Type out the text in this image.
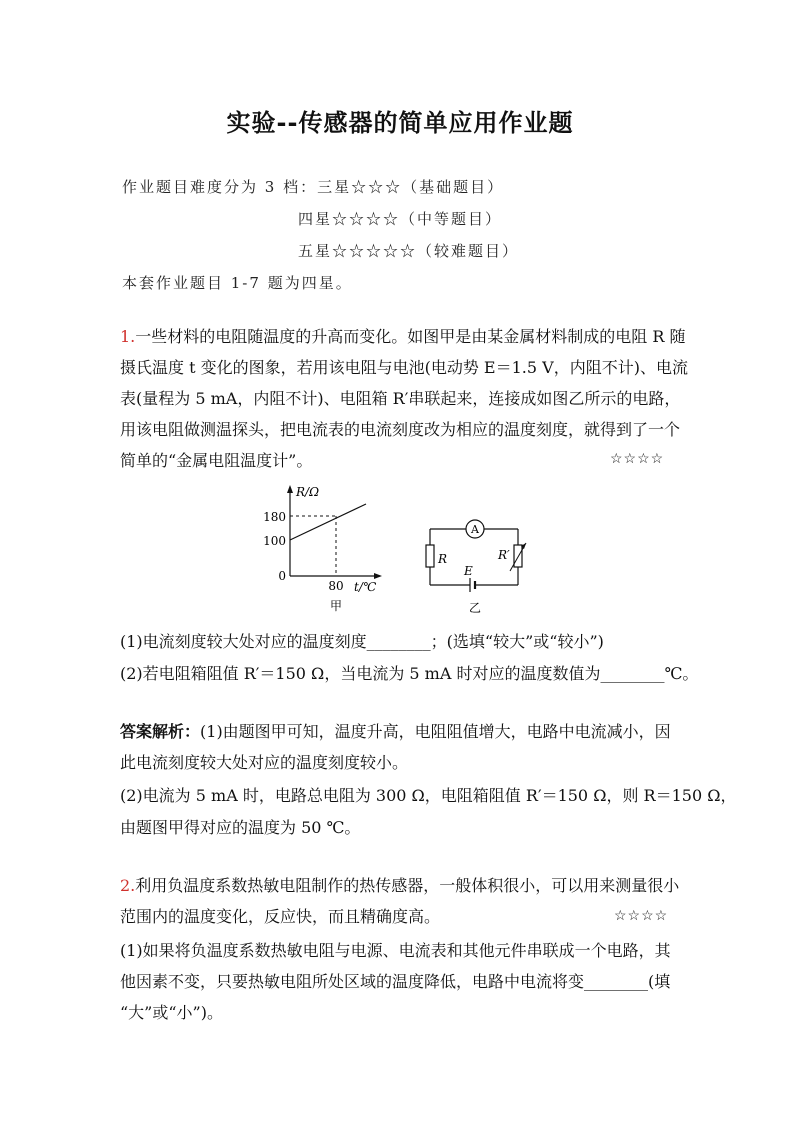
实验--传感器的简单应用作业题
作业题目难度分为 3 档：三星☆☆☆（基础题目）
四星☆☆☆☆（中等题目）
五星☆☆☆☆☆（较难题目）
本套作业题目 1-7 题为四星。
1.一些材料的电阻随温度的升高而变化。如图甲是由某金属材料制成的电阻 R 随
摄氏温度 t 变化的图象，若用该电阻与电池(电动势 E＝1.5 V，内阻不计)、电流
表(量程为 5 mA，内阻不计)、电阻箱 R′串联起来，连接成如图乙所示的电路，
用该电阻做测温探头，把电流表的电流刻度改为相应的温度刻度，就得到了一个
简单的“金属电阻温度计”。	☆☆☆☆
R/Ω
180
100
0
80 t/℃
甲
A
R	R′
E
乙
(1)电流刻度较大处对应的温度刻度________；(选填“较大”或“较小”)
(2)若电阻箱阻值 R′＝150 Ω，当电流为 5 mA 时对应的温度数值为________℃。
答案解析：(1)由题图甲可知，温度升高，电阻阻值增大，电路中电流减小，因
此电流刻度较大处对应的温度刻度较小。
(2)电流为 5 mA 时，电路总电阻为 300 Ω，电阻箱阻值 R′＝150 Ω，则 R＝150 Ω，
由题图甲得对应的温度为 50 ℃。
2.利用负温度系数热敏电阻制作的热传感器，一般体积很小，可以用来测量很小
范围内的温度变化，反应快，而且精确度高。	☆☆☆☆
(1)如果将负温度系数热敏电阻与电源、电流表和其他元件串联成一个电路，其
他因素不变，只要热敏电阻所处区域的温度降低，电路中电流将变________(填
“大”或“小”)。
